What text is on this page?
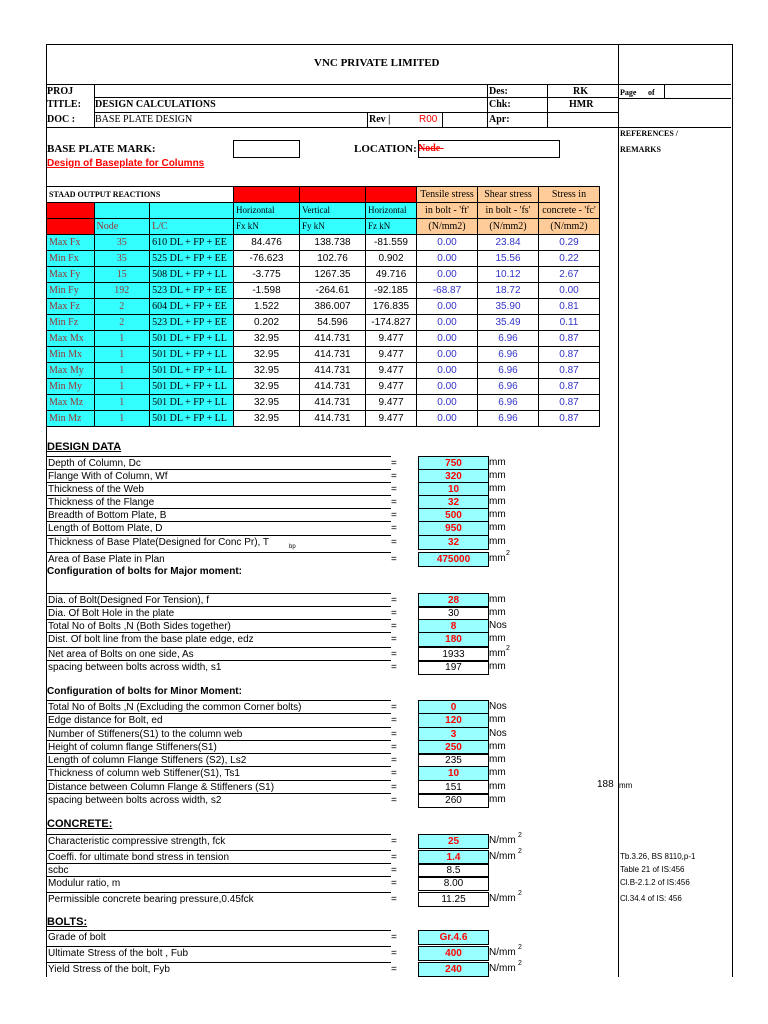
VNC PRIVATE LIMITED
PROJ
TITLE: DESIGN CALCULATIONS
DOC : BASE PLATE DESIGN	Rev |	R00
Des:	RK
Chk:	HMR
Apr:
Page of
REFERENCES /
REMARKS
BASE PLATE MARK:	LOCATION: Node-
Design of Baseplate for Columns
STAAD OUTPUT REACTIONS						Tensile stress	Shear stress	Stress in
			Horizontal	Vertical	Horizontal	in bolt - 'ft'	in bolt - 'fs'	concrete - 'fc'
	Node	L/C	Fx kN	Fy kN	Fz kN	(N/mm2)	(N/mm2)	(N/mm2)
Max Fx	35	610 DL + FP + EE	84.476	138.738	-81.559	0.00	23.84	0.29
Min Fx	35	525 DL + FP + EE	-76.623	102.76	0.902	0.00	15.56	0.22
Max Fy	15	508 DL + FP + LL	-3.775	1267.35	49.716	0.00	10.12	2.67
Min Fy	192	523 DL + FP + EE	-1.598	-264.61	-92.185	-68.87	18.72	0.00
Max Fz	2	604 DL + FP + EE	1.522	386.007	176.835	0.00	35.90	0.81
Min Fz	2	523 DL + FP + EE	0.202	54.596	-174.827	0.00	35.49	0.11
Max Mx	1	501 DL + FP + LL	32.95	414.731	9.477	0.00	6.96	0.87
Min Mx	1	501 DL + FP + LL	32.95	414.731	9.477	0.00	6.96	0.87
Max My	1	501 DL + FP + LL	32.95	414.731	9.477	0.00	6.96	0.87
Min My	1	501 DL + FP + LL	32.95	414.731	9.477	0.00	6.96	0.87
Max Mz	1	501 DL + FP + LL	32.95	414.731	9.477	0.00	6.96	0.87
Min Mz	1	501 DL + FP + LL	32.95	414.731	9.477	0.00	6.96	0.87
DESIGN DATA
Depth of Column, Dc	=	750	mm
Flange With of Column, Wf	=	320	mm
Thickness of the Web	=	10	mm
Thickness of the Flange	=	32	mm
Breadth of Bottom Plate, B	=	500	mm
Length of Bottom Plate, D	=	950	mm
Thickness of Base Plate(Designed for Conc Pr), T	bp	=	32	mm
Area of Base Plate in Plan	=	475000	mm 2
Configuration of bolts for Major moment:
Dia. of Bolt(Designed For Tension), f	=	28	mm
Dia. Of Bolt Hole in the plate	=	30	mm
Total No of Bolts ,N (Both Sides together)	=	8	Nos
Dist. Of bolt line from the base plate edge, edz	=	180	mm
Net area of Bolts on one side, As	=	1933	mm 2
spacing between bolts across width, s1	=	197	mm
Configuration of bolts for Minor Moment:
Total No of Bolts ,N (Excluding the common Corner bolts)	=	0	Nos
Edge distance for Bolt, ed	=	120	mm
Number of Stiffeners(S1) to the column web	=	3	Nos
Height of column flange Stiffeners(S1)	=	250	mm
Length of column Flange Stiffeners (S2), Ls2	=	235	mm
Thickness of column web Stiffener(S1), Ts1	=	10	mm
Distance between Column Flange & Stiffeners (S1)	=	151	mm
spacing between bolts across width, s2	=	260	mm
188 mm
CONCRETE:
Characteristic compressive strength, fck	=	25	N/mm 2
Coeffi. for ultimate bond stress in tension	=	1.4	N/mm 2
scbc	=	8.5
Modulur ratio, m	=	8.00
Permissible concrete bearing pressure,0.45fck	=	11.25	N/mm 2
Tb.3.26, BS 8110,p-1
Table 21 of IS:456
Cl.B-2.1.2 of IS:456
Cl.34.4 of IS: 456
BOLTS:
Grade of bolt	=	Gr.4.6
Ultimate Stress of the bolt , Fub	=	400	N/mm 2
Yield Stress of the bolt, Fyb	=	240	N/mm 2
